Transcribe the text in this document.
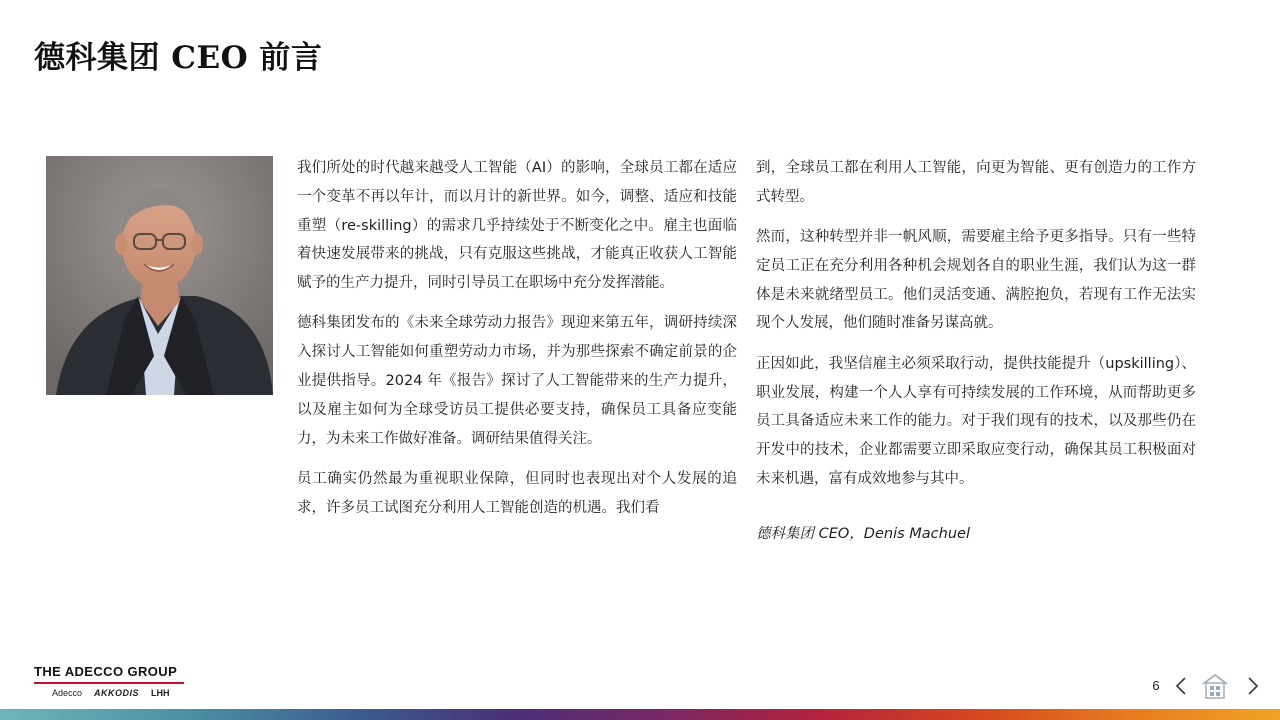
德科集团 CEO 前言

我们所处的时代越来越受人工智能（AI）的影响，全球员工都在适应一个变革不再以年计，而以月计的新世界。如今，调整、适应和技能重塑（re-skilling）的需求几乎持续处于不断变化之中。雇主也面临着快速发展带来的挑战，只有克服这些挑战，才能真正收获人工智能赋予的生产力提升，同时引导员工在职场中充分发挥潜能。

德科集团发布的《未来全球劳动力报告》现迎来第五年，调研持续深入探讨人工智能如何重塑劳动力市场，并为那些探索不确定前景的企业提供指导。2024 年《报告》探讨了人工智能带来的生产力提升，以及雇主如何为全球受访员工提供必要支持，确保员工具备应变能力，为未来工作做好准备。调研结果值得关注。

员工确实仍然最为重视职业保障，但同时也表现出对个人发展的追求，许多员工试图充分利用人工智能创造的机遇。我们看

到，全球员工都在利用人工智能，向更为智能、更有创造力的工作方式转型。

然而，这种转型并非一帆风顺，需要雇主给予更多指导。只有一些特定员工正在充分利用各种机会规划各自的职业生涯，我们认为这一群体是未来就绪型员工。他们灵活变通、满腔抱负，若现有工作无法实现个人发展，他们随时准备另谋高就。

正因如此，我坚信雇主必须采取行动，提供技能提升（upskilling）、职业发展，构建一个人人享有可持续发展的工作环境，从而帮助更多员工具备适应未来工作的能力。对于我们现有的技术，以及那些仍在开发中的技术，企业都需要立即采取应变行动，确保其员工积极面对未来机遇，富有成效地参与其中。

德科集团 CEO，Denis Machuel

THE ADECCO GROUP
Adecco AKKODIS LHH	6
